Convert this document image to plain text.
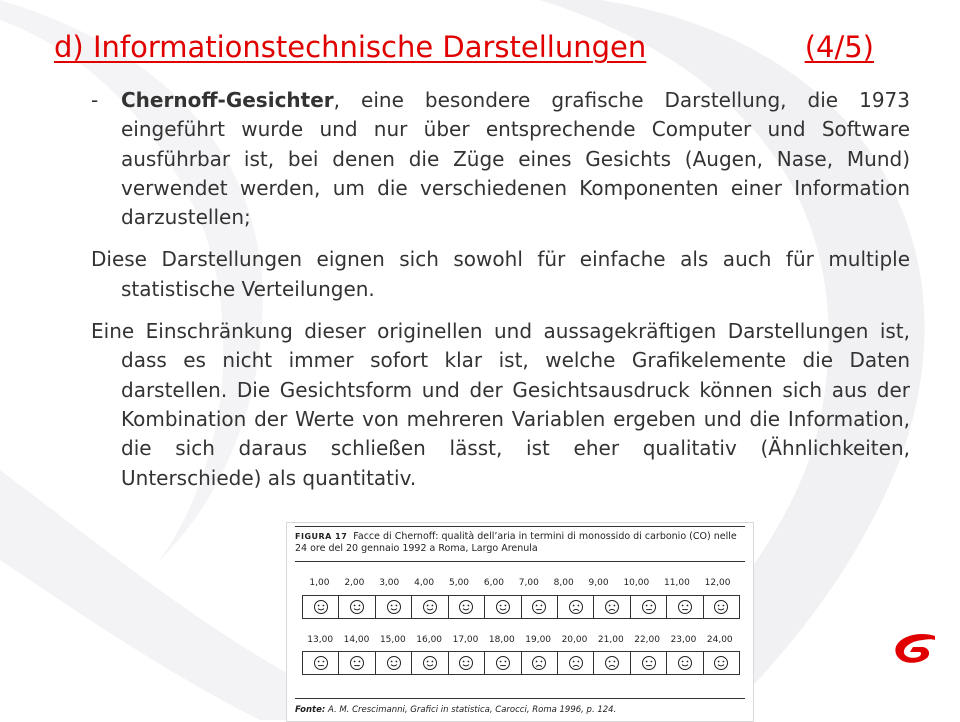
d) Informationstechnische Darstellungen	(4/5)

- Chernoff-Gesichter, eine besondere grafische Darstellung, die 1973 eingeführt wurde und nur über entsprechende Computer und Software ausführbar ist, bei denen die Züge eines Gesichts (Augen, Nase, Mund) verwendet werden, um die verschiedenen Komponenten einer Information darzustellen;

Diese Darstellungen eignen sich sowohl für einfache als auch für multiple statistische Verteilungen.

Eine Einschränkung dieser originellen und aussagekräftigen Darstellungen ist, dass es nicht immer sofort klar ist, welche Grafikelemente die Daten darstellen. Die Gesichtsform und der Gesichtsausdruck können sich aus der Kombination der Werte von mehreren Variablen ergeben und die Information, die sich daraus schließen lässt, ist eher qualitativ (Ähnlichkeiten, Unterschiede) als quantitativ.

FIGURA 17 Facce di Chernoff: qualità dell’aria in termini di monossido di carbonio (CO) nelle 24 ore del 20 gennaio 1992 a Roma, Largo Arenula
1,00 2,00 3,00 4,00 5,00 6,00 7,00 8,00 9,00 10,00 11,00 12,00
13,00 14,00 15,00 16,00 17,00 18,00 19,00 20,00 21,00 22,00 23,00 24,00
Fonte: A. M. Crescimanni, Grafici in statistica, Carocci, Roma 1996, p. 124.
